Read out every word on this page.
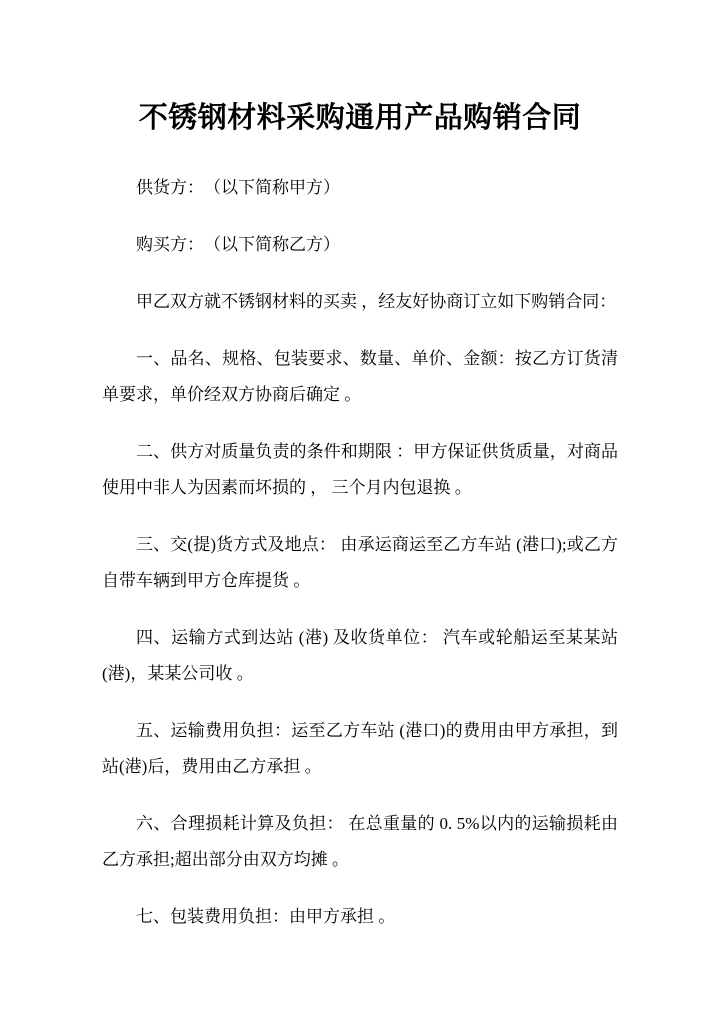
不锈钢材料采购通用产品购销合同

供货方：　（以下简称甲方）

购买方：　（以下简称乙方）

甲乙双方就不锈钢材料的买卖 ，经友好协商订立如下购销合同：

一、品名、规格、包装要求、数量、单价、金额：按乙方订货清单要求，单价经双方协商后确定 。

二、供方对质量负责的条件和期限 ：甲方保证供货质量，对商品使用中非人为因素而坏损的 ， 三个月内包退换 。

三、交(提)货方式及地点： 由承运商运至乙方车站 (港口);或乙方自带车辆到甲方仓库提货 。

四、运输方式到达站 (港) 及收货单位： 汽车或轮船运至某某站 (港)，某某公司收 。

五、运输费用负担：运至乙方车站 (港口)的费用由甲方承担，到站(港)后，费用由乙方承担 。

六、合理损耗计算及负担： 在总重量的 0. 5%以内的运输损耗由乙方承担;超出部分由双方均摊 。

七、包装费用负担：由甲方承担 。
